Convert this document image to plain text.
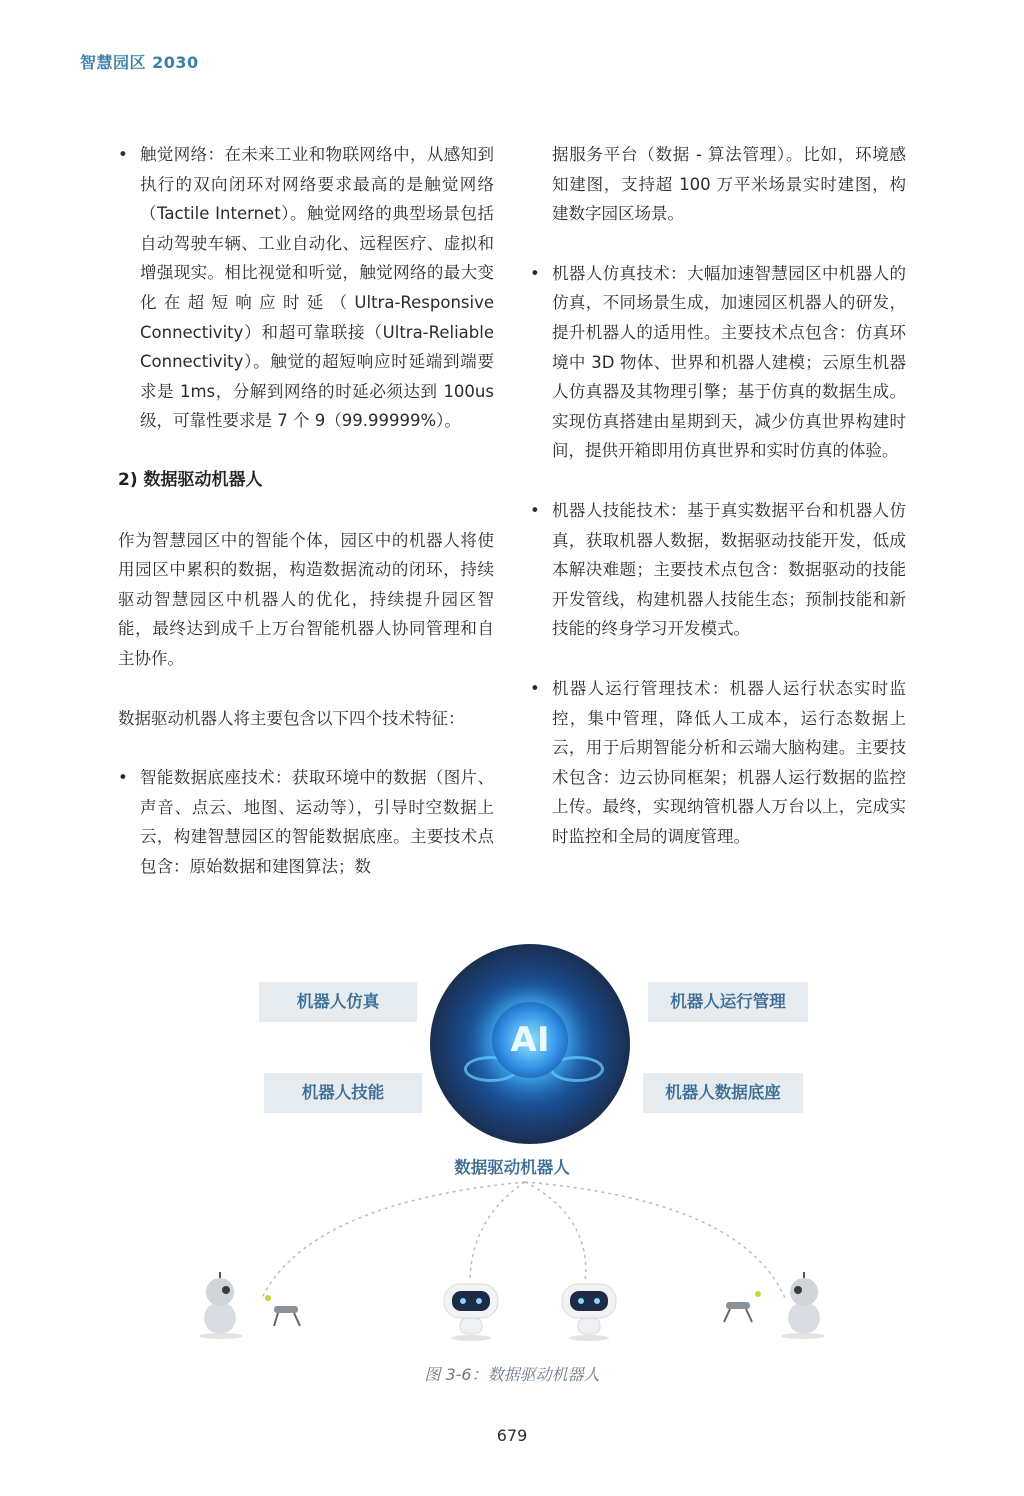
智慧园区 2030

• 触觉网络：在未来工业和物联网络中，从感知到执行的双向闭环对网络要求最高的是触觉网络（Tactile Internet）。触觉网络的典型场景包括自动驾驶车辆、工业自动化、远程医疗、虚拟和增强现实。相比视觉和听觉，触觉网络的最大变化在超短响应时延（Ultra-Responsive Connectivity）和超可靠联接（Ultra-Reliable Connectivity）。触觉的超短响应时延端到端要求是 1ms，分解到网络的时延必须达到 100us 级，可靠性要求是 7 个 9（99.99999%）。

2) 数据驱动机器人

作为智慧园区中的智能个体，园区中的机器人将使用园区中累积的数据，构造数据流动的闭环，持续驱动智慧园区中机器人的优化，持续提升园区智能，最终达到成千上万台智能机器人协同管理和自主协作。

数据驱动机器人将主要包含以下四个技术特征：

• 智能数据底座技术：获取环境中的数据（图片、声音、点云、地图、运动等），引导时空数据上云，构建智慧园区的智能数据底座。主要技术点包含：原始数据和建图算法；数

据服务平台（数据 - 算法管理）。比如，环境感知建图，支持超 100 万平米场景实时建图，构建数字园区场景。

• 机器人仿真技术：大幅加速智慧园区中机器人的仿真，不同场景生成，加速园区机器人的研发，提升机器人的适用性。主要技术点包含：仿真环境中 3D 物体、世界和机器人建模；云原生机器人仿真器及其物理引擎；基于仿真的数据生成。实现仿真搭建由星期到天，减少仿真世界构建时间，提供开箱即用仿真世界和实时仿真的体验。

• 机器人技能技术：基于真实数据平台和机器人仿真，获取机器人数据，数据驱动技能开发，低成本解决难题；主要技术点包含：数据驱动的技能开发管线，构建机器人技能生态；预制技能和新技能的终身学习开发模式。

• 机器人运行管理技术：机器人运行状态实时监控，集中管理，降低人工成本，运行态数据上云，用于后期智能分析和云端大脑构建。主要技术包含：边云协同框架；机器人运行数据的监控上传。最终，实现纳管机器人万台以上，完成实时监控和全局的调度管理。

机器人仿真
机器人技能
机器人运行管理
机器人数据底座
AI
数据驱动机器人
图 3-6：数据驱动机器人
679
